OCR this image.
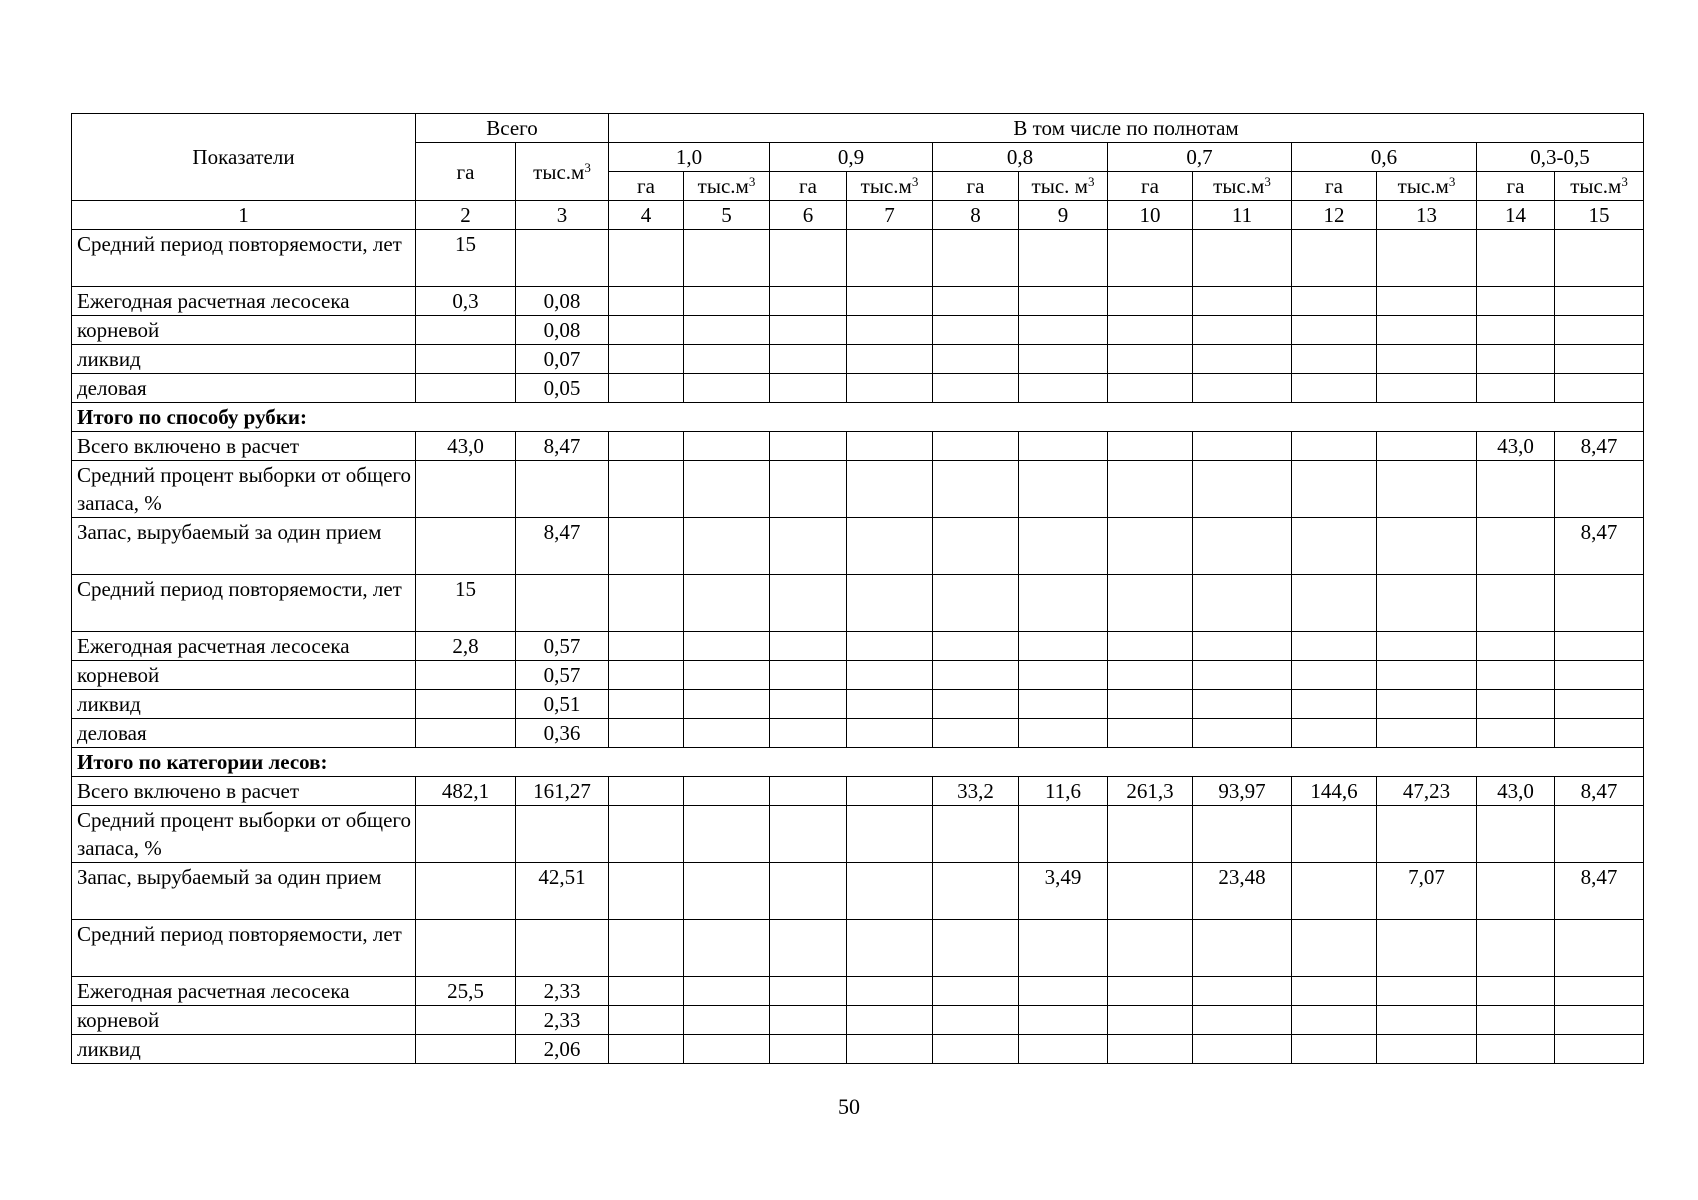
Показатели	Всего		В том числе по полнотам											
	га	$тыс.м^3$	1,0		0,9		0,8		0,7		0,6		0,3-0,5	
			га	$тыс.м^3$	га	$тыс.м^3$	га	тыс. $м^3$	га	$тыс.м^3$	га	$тыс.м^3$	га	$тыс.м^3$
1	2	3	4	5	6	7	8	9	10	11	12	13	14	15
Средний период повторяемости, лет	15													
Ежегодная расчетная лесосека	0,3	0,08												
корневой		0,08												
ликвид		0,07												
деловая		0,05												
Итого по способу рубки:														
Всего включено в расчет	43,0	8,47											43,0	8,47
Средний процент выборки от общего запаса, %														
Запас, вырубаемый за один прием		8,47												8,47
Средний период повторяемости, лет	15													
Ежегодная расчетная лесосека	2,8	0,57												
корневой		0,57												
ликвид		0,51												
деловая		0,36												
Итого по категории лесов:														
Всего включено в расчет	482,1	161,27					33,2	11,6	261,3	93,97	144,6	47,23	43,0	8,47
Средний процент выборки от общего запаса, %														
Запас, вырубаемый за один прием		42,51						3,49		23,48		7,07		8,47
Средний период повторяемости, лет														
Ежегодная расчетная лесосека	25,5	2,33												
корневой		2,33												
ликвид		2,06												
50
